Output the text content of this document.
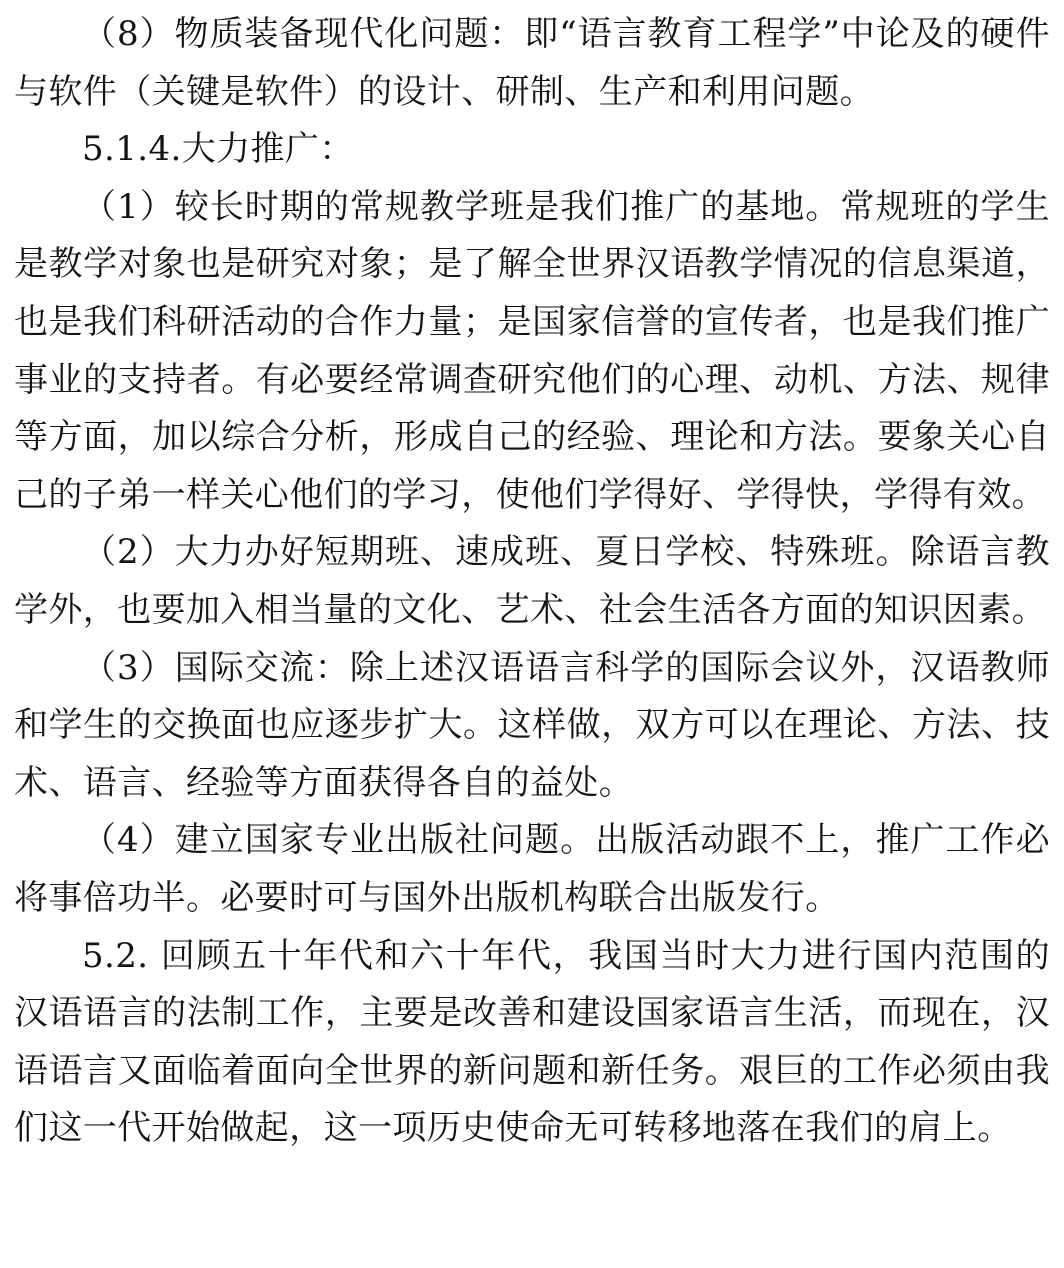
（8）物质装备现代化问题：即“语言教育工程学”中论及的硬件与软件（关键是软件）的设计、研制、生产和利用问题。

5.1.4.大力推广：

（1）较长时期的常规教学班是我们推广的基地。常规班的学生是教学对象也是研究对象；是了解全世界汉语教学情况的信息渠道，也是我们科研活动的合作力量；是国家信誉的宣传者，也是我们推广事业的支持者。有必要经常调查研究他们的心理、动机、方法、规律等方面，加以综合分析，形成自己的经验、理论和方法。要象关心自己的子弟一样关心他们的学习，使他们学得好、学得快，学得有效。

（2）大力办好短期班、速成班、夏日学校、特殊班。除语言教学外，也要加入相当量的文化、艺术、社会生活各方面的知识因素。

（3）国际交流：除上述汉语语言科学的国际会议外，汉语教师和学生的交换面也应逐步扩大。这样做，双方可以在理论、方法、技术、语言、经验等方面获得各自的益处。

（4）建立国家专业出版社问题。出版活动跟不上，推广工作必将事倍功半。必要时可与国外出版机构联合出版发行。

5.2. 回顾五十年代和六十年代，我国当时大力进行国内范围的汉语语言的法制工作，主要是改善和建设国家语言生活，而现在，汉语语言又面临着面向全世界的新问题和新任务。艰巨的工作必须由我们这一代开始做起，这一项历史使命无可转移地落在我们的肩上。
